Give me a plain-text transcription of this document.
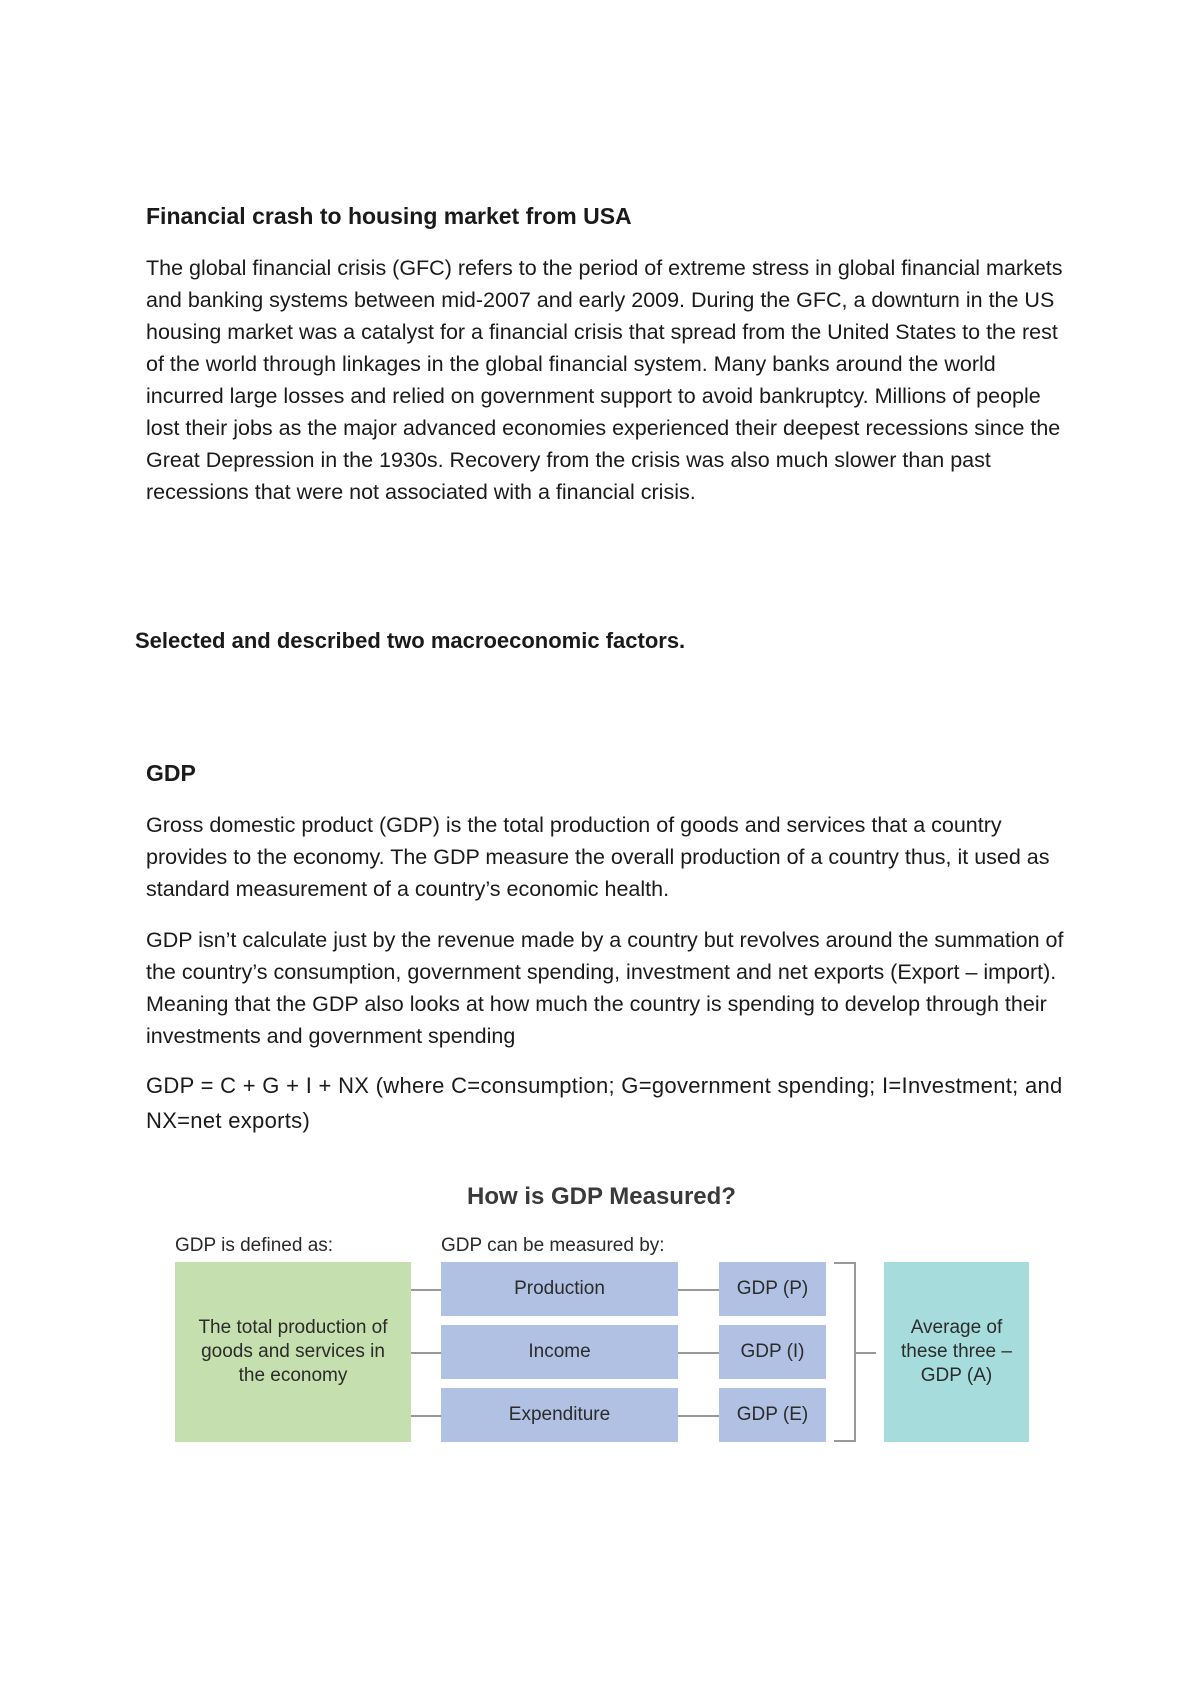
Financial crash to housing market from USA
The global financial crisis (GFC) refers to the period of extreme stress in global financial markets and banking systems between mid-2007 and early 2009. During the GFC, a downturn in the US housing market was a catalyst for a financial crisis that spread from the United States to the rest of the world through linkages in the global financial system. Many banks around the world incurred large losses and relied on government support to avoid bankruptcy. Millions of people lost their jobs as the major advanced economies experienced their deepest recessions since the Great Depression in the 1930s. Recovery from the crisis was also much slower than past recessions that were not associated with a financial crisis.
Selected and described two macroeconomic factors.
GDP
Gross domestic product (GDP) is the total production of goods and services that a country provides to the economy. The GDP measure the overall production of a country thus, it used as standard measurement of a country’s economic health.
GDP isn’t calculate just by the revenue made by a country but revolves around the summation of the country’s consumption, government spending, investment and net exports (Export – import). Meaning that the GDP also looks at how much the country is spending to develop through their investments and government spending
GDP = C + G + I + NX (where C=consumption; G=government spending; I=Investment; and NX=net exports)
How is GDP Measured?
GDP is defined as:	GDP can be measured by:
The total production of goods and services in the economy
Production
Income
Expenditure
GDP (P)
GDP (I)
GDP (E)
Average of these three – GDP (A)
